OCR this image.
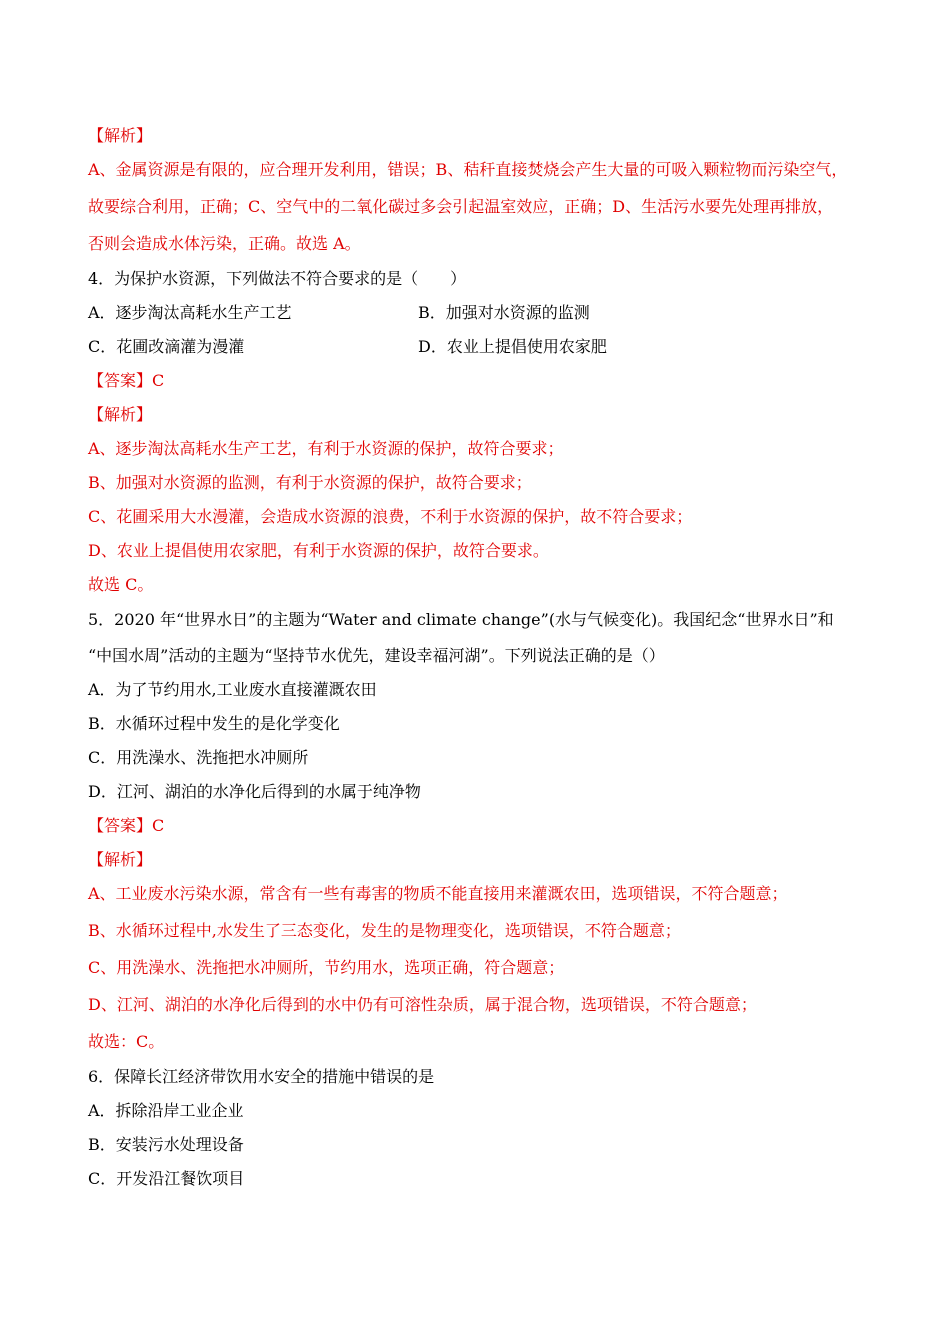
【解析】
A、金属资源是有限的，应合理开发利用，错误；B、秸秆直接焚烧会产生大量的可吸入颗粒物而污染空气，
故要综合利用，正确；C、空气中的二氧化碳过多会引起温室效应，正确；D、生活污水要先处理再排放，
否则会造成水体污染，正确。故选 A。
4．为保护水资源，下列做法不符合要求的是（　　）
A．逐步淘汰高耗水生产工艺	B．加强对水资源的监测
C．花圃改滴灌为漫灌	D．农业上提倡使用农家肥
【答案】C
【解析】
A、逐步淘汰高耗水生产工艺，有利于水资源的保护，故符合要求；
B、加强对水资源的监测，有利于水资源的保护，故符合要求；
C、花圃采用大水漫灌，会造成水资源的浪费，不利于水资源的保护，故不符合要求；
D、农业上提倡使用农家肥，有利于水资源的保护，故符合要求。
故选 C。
5．2020 年“世界水日”的主题为“Water and climate change”(水与气候变化)。我国纪念“世界水日”和
“中国水周”活动的主题为“坚持节水优先，建设幸福河湖”。下列说法正确的是（）
A．为了节约用水,工业废水直接灌溉农田
B．水循环过程中发生的是化学变化
C．用洗澡水、洗拖把水冲厕所
D．江河、湖泊的水净化后得到的水属于纯净物
【答案】C
【解析】
A、工业废水污染水源，常含有一些有毒害的物质不能直接用来灌溉农田，选项错误，不符合题意；
B、水循环过程中,水发生了三态变化，发生的是物理变化，选项错误，不符合题意；
C、用洗澡水、洗拖把水冲厕所，节约用水，选项正确，符合题意；
D、江河、湖泊的水净化后得到的水中仍有可溶性杂质，属于混合物，选项错误，不符合题意；
故选：C。
6．保障长江经济带饮用水安全的措施中错误的是
A．拆除沿岸工业企业
B．安装污水处理设备
C．开发沿江餐饮项目
